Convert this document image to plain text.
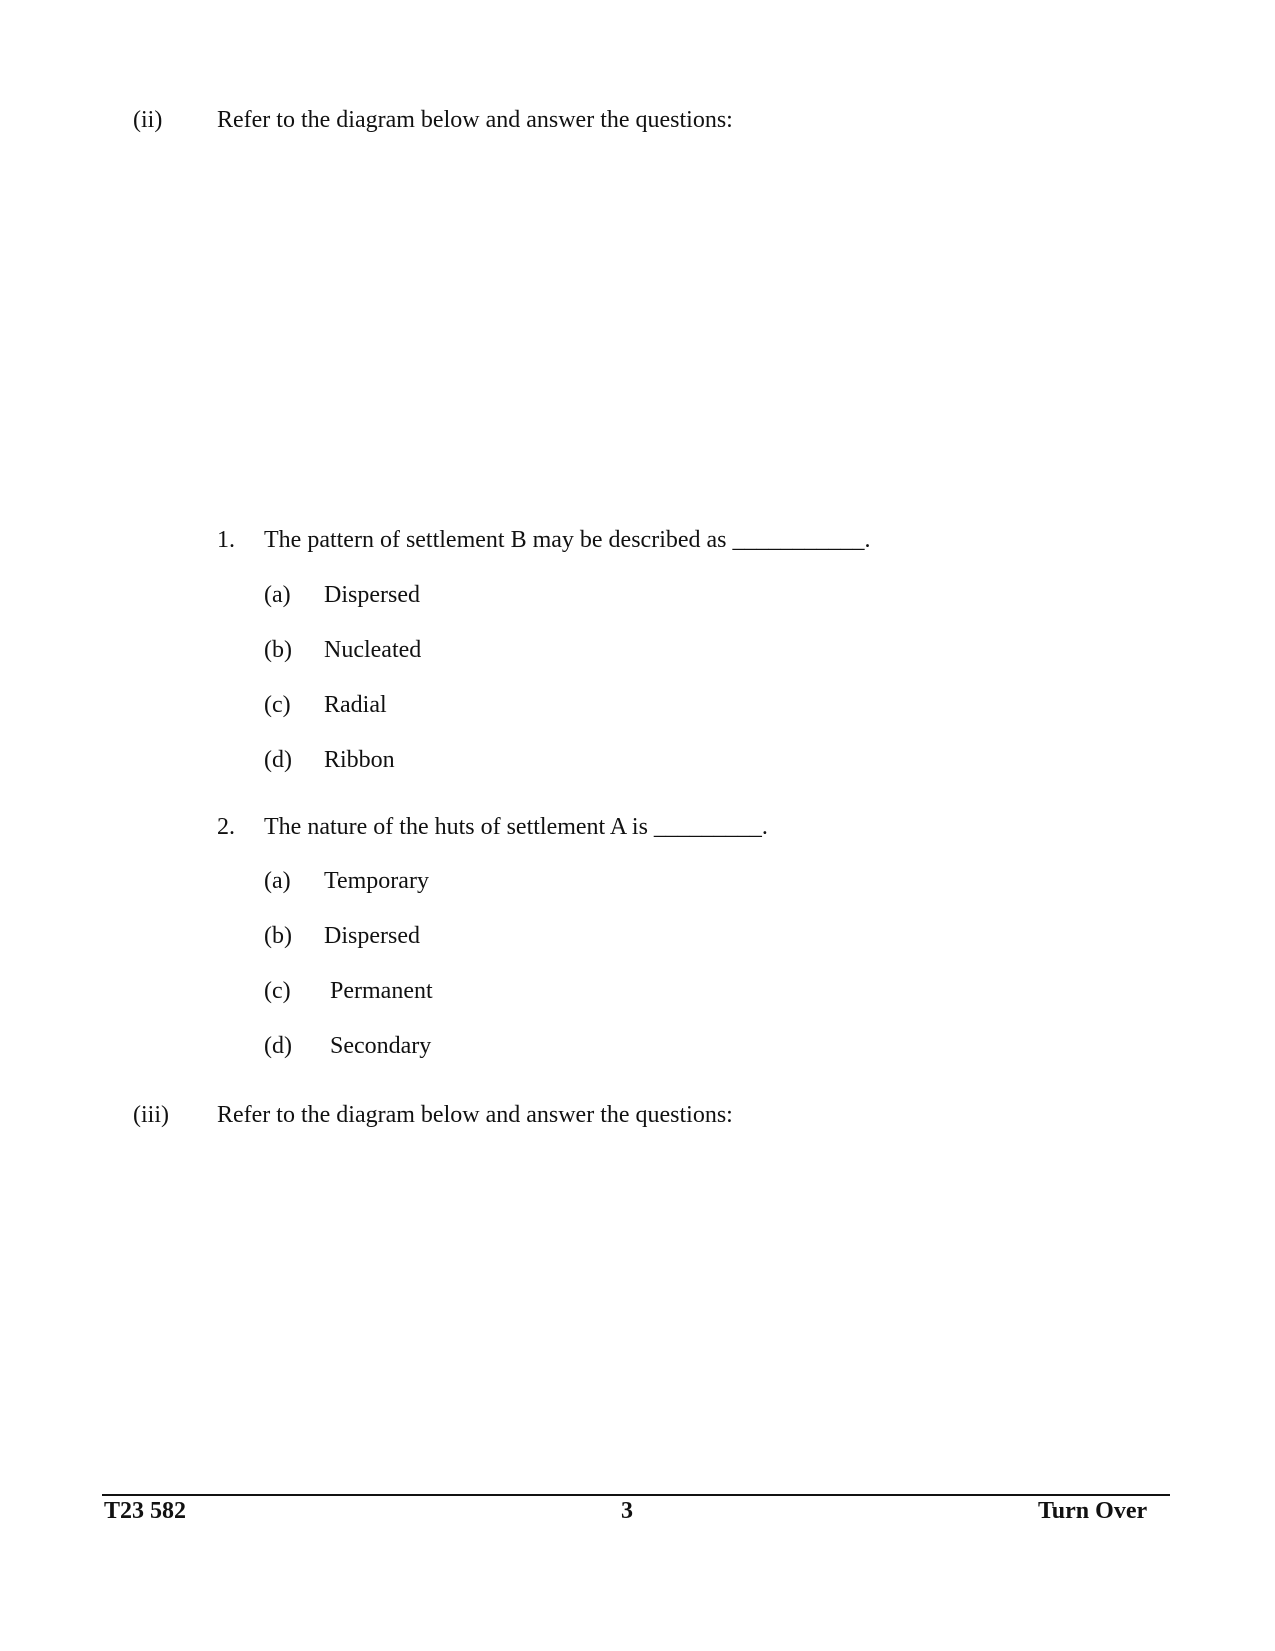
(ii) Refer to the diagram below and answer the questions:
1. The pattern of settlement B may be described as ___________.
(a) Dispersed
(b) Nucleated
(c) Radial
(d) Ribbon
2. The nature of the huts of settlement A is _________.
(a) Temporary
(b) Dispersed
(c) Permanent
(d) Secondary
(iii) Refer to the diagram below and answer the questions:
T23 582	3	Turn Over
